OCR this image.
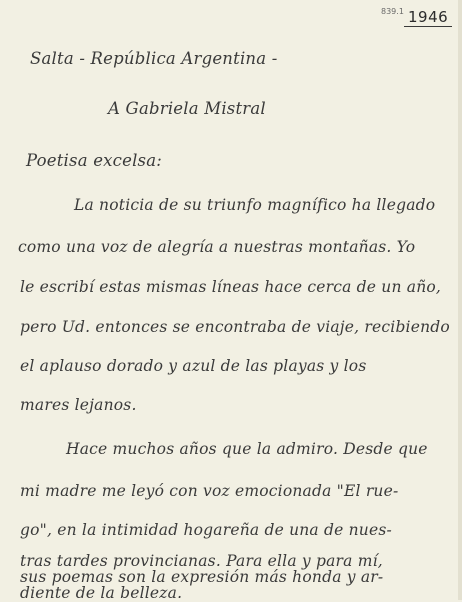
839.1 1946
Salta - República Argentina -
A Gabriela Mistral
Poetisa excelsa:
La noticia de su triunfo magnífico ha llegado
como una voz de alegría a nuestras montañas. Yo
le escribí estas mismas líneas hace cerca de un año,
pero Ud. entonces se encontraba de viaje, recibiendo
el aplauso dorado y azul de las playas y los
mares lejanos.
Hace muchos años que la admiro. Desde que
mi madre me leyó con voz emocionada "El rue-
go", en la intimidad hogareña de una de nues-
tras tardes provincianas. Para ella y para mí,
sus poemas son la expresión más honda y ar-
diente de la belleza.
